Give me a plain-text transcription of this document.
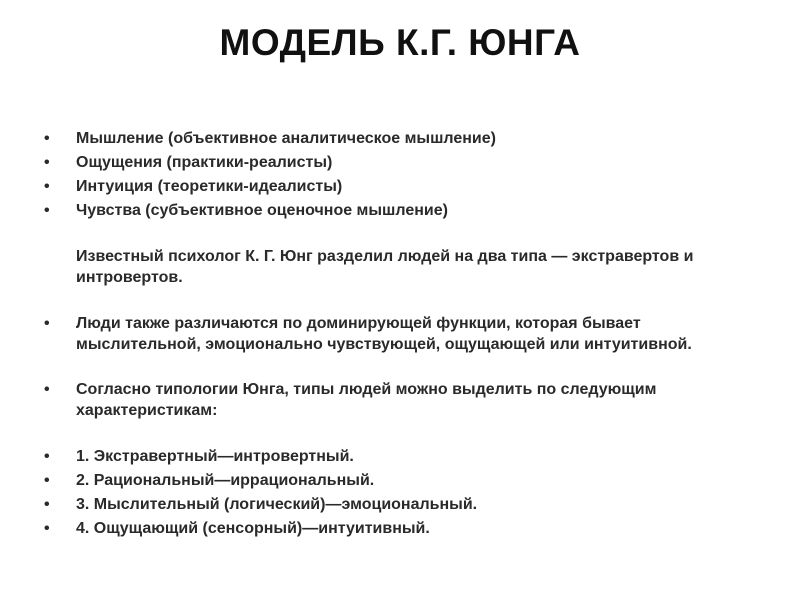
МОДЕЛЬ К.Г. ЮНГА
•	Мышление (объективное аналитическое мышление)
•	Ощущения (практики-реалисты)
•	Интуиция (теоретики-идеалисты)
•	Чувства (субъективное оценочное мышление)

Известный психолог К. Г. Юнг разделил людей на два типа — экстравертов и интровертов.

•	Люди также различаются по доминирующей функции, которая бывает мыслительной, эмоционально чувствующей, ощущающей или интуитивной.
•	Согласно типологии Юнга, типы людей можно выделить по следующим характеристикам:
•	1. Экстравертный—интровертный.
•	2. Рациональный—иррациональный.
•	3. Мыслительный (логический)—эмоциональный.
•	4. Ощущающий (сенсорный)—интуитивный.
